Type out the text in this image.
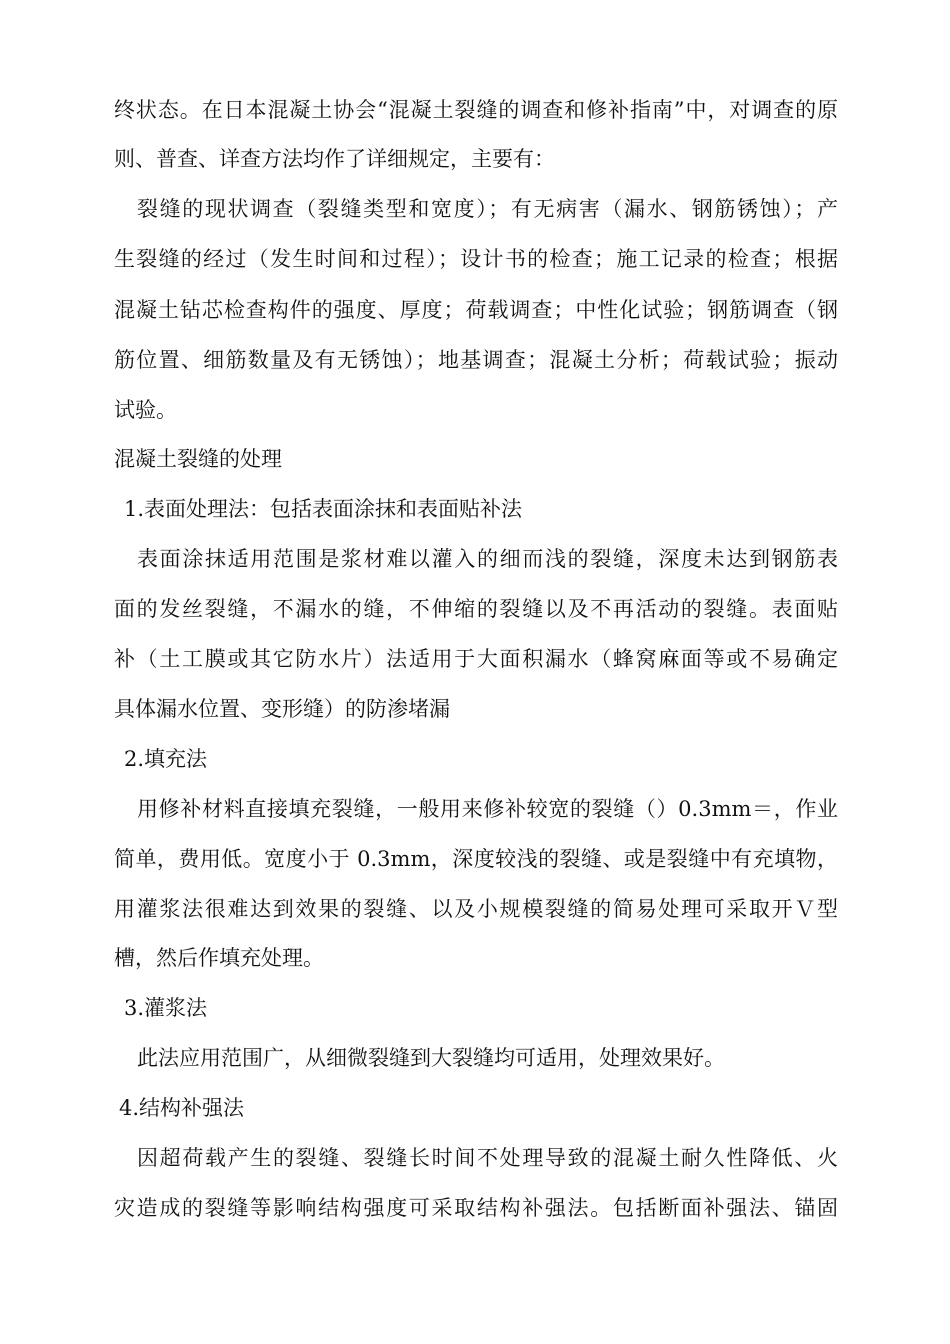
终状态。在日本混凝土协会“混凝土裂缝的调查和修补指南”中，对调查的原
则、普查、详查方法均作了详细规定，主要有：
裂缝的现状调查（裂缝类型和宽度）；有无病害（漏水、钢筋锈蚀）；产
生裂缝的经过（发生时间和过程）；设计书的检查；施工记录的检查；根据
混凝土钻芯检查构件的强度、厚度；荷载调查；中性化试验；钢筋调查（钢
筋位置、细筋数量及有无锈蚀）；地基调查；混凝土分析；荷载试验；振动
试验。
混凝土裂缝的处理
1.表面处理法：包括表面涂抹和表面贴补法
表面涂抹适用范围是浆材难以灌入的细而浅的裂缝，深度未达到钢筋表
面的发丝裂缝，不漏水的缝，不伸缩的裂缝以及不再活动的裂缝。表面贴
补（土工膜或其它防水片）法适用于大面积漏水（蜂窝麻面等或不易确定
具体漏水位置、变形缝）的防渗堵漏
2.填充法
用修补材料直接填充裂缝，一般用来修补较宽的裂缝（）0.3mm＝，作业
简单，费用低。宽度小于 0.3mm，深度较浅的裂缝、或是裂缝中有充填物，
用灌浆法很难达到效果的裂缝、以及小规模裂缝的简易处理可采取开Ｖ型
槽，然后作填充处理。
3.灌浆法
此法应用范围广，从细微裂缝到大裂缝均可适用，处理效果好。
4.结构补强法
因超荷载产生的裂缝、裂缝长时间不处理导致的混凝土耐久性降低、火
灾造成的裂缝等影响结构强度可采取结构补强法。包括断面补强法、锚固
